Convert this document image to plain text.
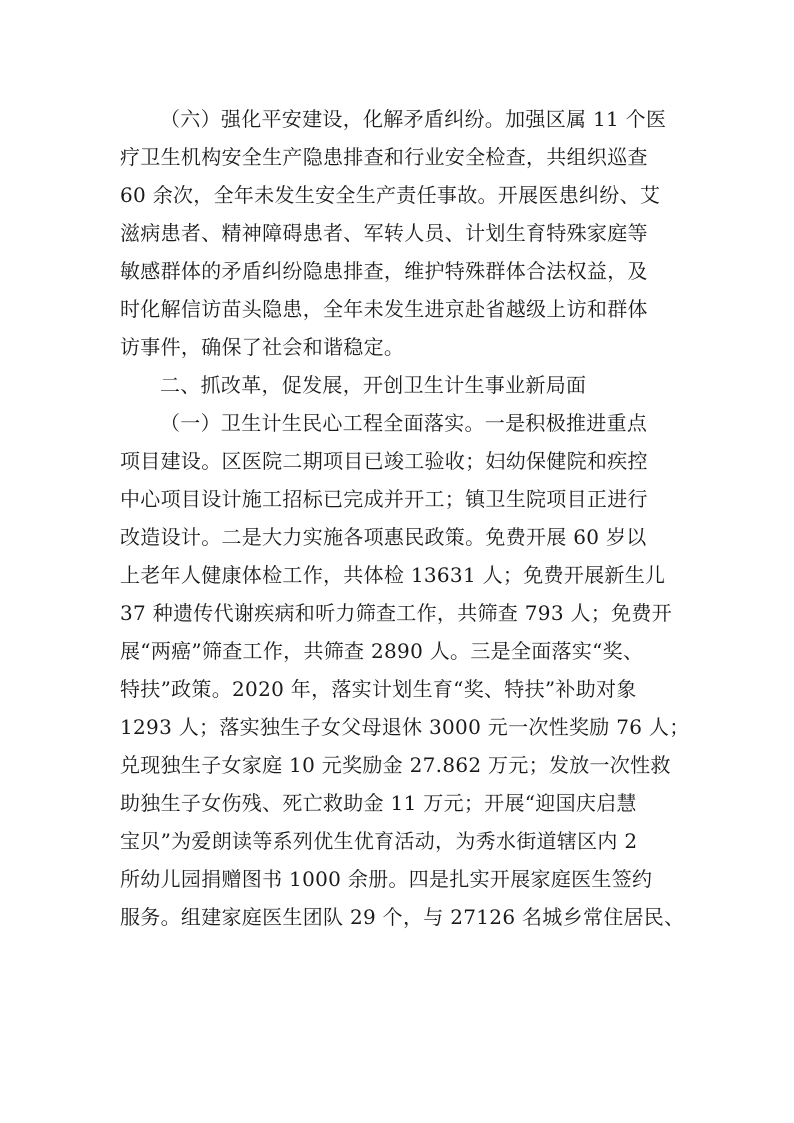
（六）强化平安建设，化解矛盾纠纷。加强区属 11 个医
疗卫生机构安全生产隐患排查和行业安全检查，共组织巡查
60 余次，全年未发生安全生产责任事故。开展医患纠纷、艾
滋病患者、精神障碍患者、军转人员、计划生育特殊家庭等
敏感群体的矛盾纠纷隐患排查，维护特殊群体合法权益，及
时化解信访苗头隐患，全年未发生进京赴省越级上访和群体
访事件，确保了社会和谐稳定。
二、抓改革，促发展，开创卫生计生事业新局面
（一）卫生计生民心工程全面落实。一是积极推进重点
项目建设。区医院二期项目已竣工验收；妇幼保健院和疾控
中心项目设计施工招标已完成并开工；镇卫生院项目正进行
改造设计。二是大力实施各项惠民政策。免费开展 60 岁以
上老年人健康体检工作，共体检 13631 人；免费开展新生儿
37 种遗传代谢疾病和听力筛查工作，共筛查 793 人；免费开
展“两癌”筛查工作，共筛查 2890 人。三是全面落实“奖、
特扶”政策。2020 年，落实计划生育“奖、特扶”补助对象
1293 人；落实独生子女父母退休 3000 元一次性奖励 76 人；
兑现独生子女家庭 10 元奖励金 27.862 万元；发放一次性救
助独生子女伤残、死亡救助金 11 万元；开展“迎国庆启慧
宝贝”为爱朗读等系列优生优育活动，为秀水街道辖区内 2
所幼儿园捐赠图书 1000 余册。四是扎实开展家庭医生签约
服务。组建家庭医生团队 29 个，与 27126 名城乡常住居民、
